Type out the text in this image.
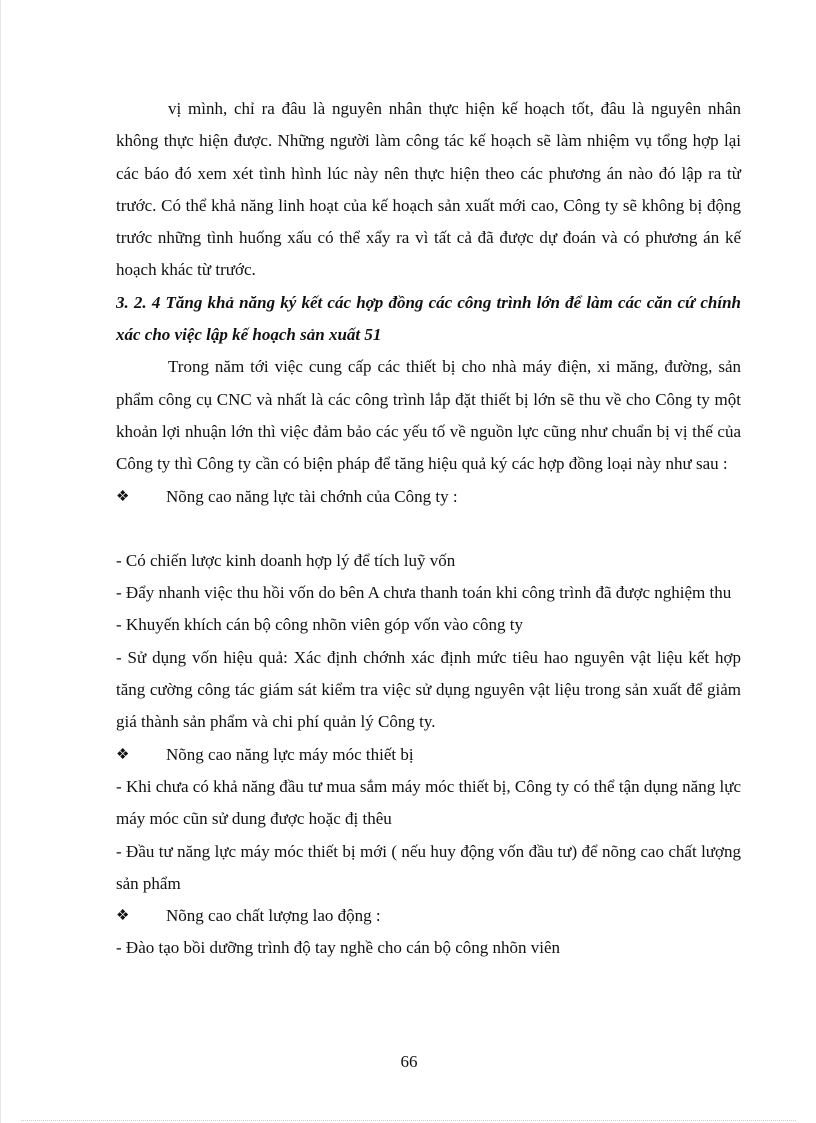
vị mình, chỉ ra đâu là nguyên nhân thực hiện kế hoạch tốt, đâu là nguyên nhân không thực hiện được. Những người làm công tác kế hoạch sẽ làm nhiệm vụ tổng hợp lại các báo đó xem xét tình hình lúc này nên thực hiện theo các phương án nào đó lập ra từ trước. Có thể khả năng linh hoạt của kế hoạch sản xuất mới cao, Công ty sẽ không bị động trước những tình huống xấu có thể xẩy ra vì tất cả đã được dự đoán và có phương án kế hoạch khác từ trước.

3. 2. 4 Tăng khả năng ký kết các hợp đồng các công trình lớn để làm các căn cứ chính xác cho việc lập kế hoạch sản xuất 51

Trong năm tới việc cung cấp các thiết bị cho nhà máy điện, xi măng, đường, sản phẩm công cụ CNC và nhất là các công trình lắp đặt thiết bị lớn sẽ thu về cho Công ty một khoản lợi nhuận lớn thì việc đảm bảo các yếu tố về nguồn lực cũng như chuẩn bị vị thế của Công ty thì Công ty cần có biện pháp để tăng hiệu quả ký các hợp đồng loại này như sau :

❖	Nõng cao năng lực tài chớnh của Công ty :

- Có chiến lược kinh doanh hợp lý để tích luỹ vốn

- Đẩy nhanh việc thu hồi vốn do bên A chưa thanh toán khi công trình đã được nghiệm thu

- Khuyến khích cán bộ công nhõn viên góp vốn vào công ty

- Sử dụng vốn hiệu quả: Xác định chớnh xác định mức tiêu hao nguyên vật liệu kết hợp tăng cường công tác giám sát kiểm tra việc sử dụng nguyên vật liệu trong sản xuất để giảm giá thành sản phẩm và chi phí quản lý Công ty.

❖	Nõng cao năng lực máy móc thiết bị

- Khi chưa có khả năng đầu tư mua sắm máy móc thiết bị, Công ty có thể tận dụng năng lực máy móc cũn sử dung được hoặc đị thêu

- Đầu tư năng lực máy móc thiết bị mới ( nếu huy động vốn đầu tư) để nõng cao chất lượng sản phẩm

❖	Nõng cao chất lượng lao động :

- Đào tạo bồi dưỡng trình độ tay nghề cho cán bộ công nhõn viên

66
